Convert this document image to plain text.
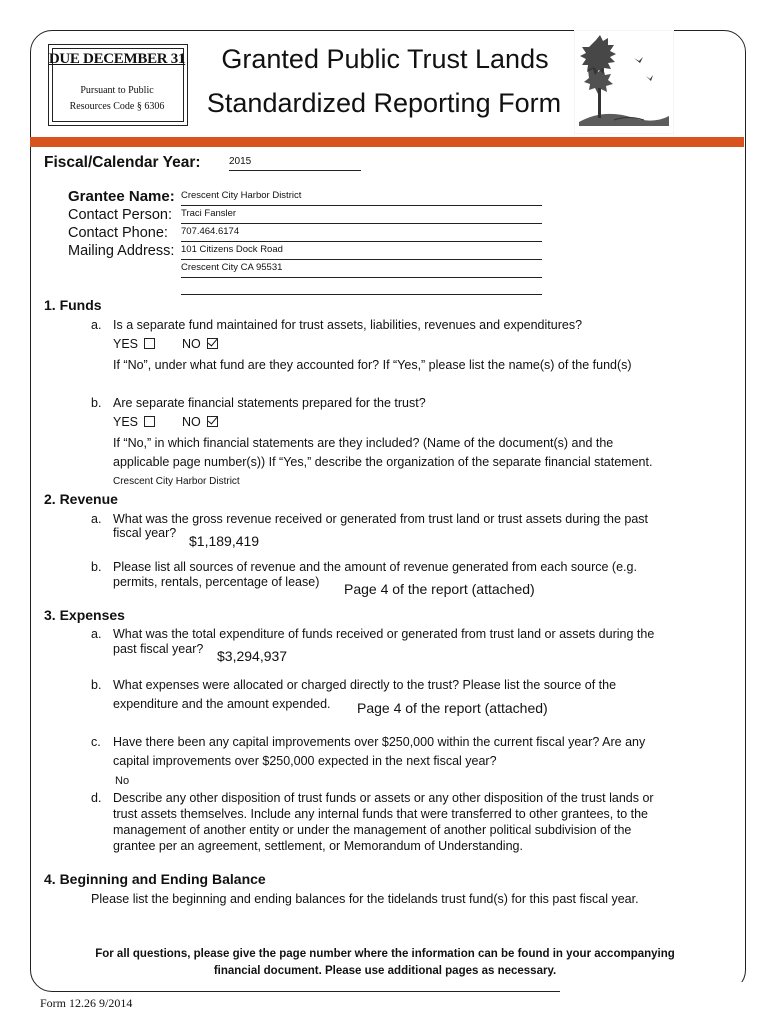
DUE DECEMBER 31
Pursuant to Public
Resources Code § 6306
Granted Public Trust Lands
Standardized Reporting Form
Fiscal/Calendar Year:	2015
Grantee Name: Crescent City Harbor District
Contact Person: Traci Fansler
Contact Phone: 707.464.6174
Mailing Address: 101 Citizens Dock Road
Crescent City CA 95531
1. Funds
a. Is a separate fund maintained for trust assets, liabilities, revenues and expenditures?
YES	NO
If “No”, under what fund are they accounted for? If “Yes,” please list the name(s) of the fund(s)
b. Are separate financial statements prepared for the trust?
YES	NO
If “No,” in which financial statements are they included? (Name of the document(s) and the
applicable page number(s)) If “Yes,” describe the organization of the separate financial statement.
Crescent City Harbor District
2. Revenue
a. What was the gross revenue received or generated from trust land or trust assets during the past
fiscal year? $1,189,419
b. Please list all sources of revenue and the amount of revenue generated from each source (e.g.
permits, rentals, percentage of lease) Page 4 of the report (attached)
3. Expenses
a. What was the total expenditure of funds received or generated from trust land or assets during the
past fiscal year? $3,294,937
b. What expenses were allocated or charged directly to the trust? Please list the source of the
expenditure and the amount expended. Page 4 of the report (attached)
c. Have there been any capital improvements over $250,000 within the current fiscal year? Are any
capital improvements over $250,000 expected in the next fiscal year?
No
d. Describe any other disposition of trust funds or assets or any other disposition of the trust lands or
trust assets themselves. Include any internal funds that were transferred to other grantees, to the
management of another entity or under the management of another political subdivision of the
grantee per an agreement, settlement, or Memorandum of Understanding.
4. Beginning and Ending Balance
Please list the beginning and ending balances for the tidelands trust fund(s) for this past fiscal year.
For all questions, please give the page number where the information can be found in your accompanying
financial document. Please use additional pages as necessary.
Form 12.26 9/2014
